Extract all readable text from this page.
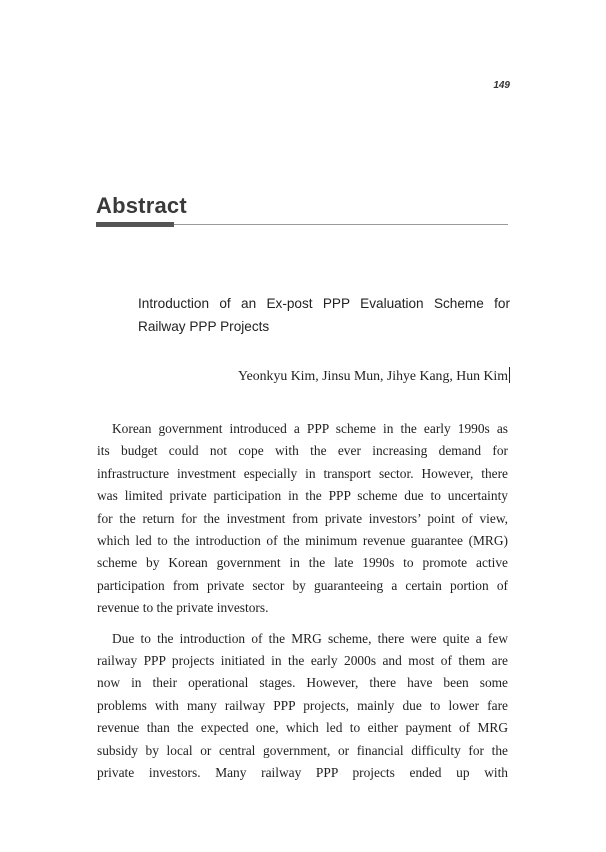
149
Abstract
Introduction of an Ex-post PPP Evaluation Scheme for
Railway PPP Projects
Yeonkyu Kim, Jinsu Mun, Jihye Kang, Hun Kim
Korean government introduced a PPP scheme in the early 1990s as
its budget could not cope with the ever increasing demand for
infrastructure investment especially in transport sector. However, there
was limited private participation in the PPP scheme due to uncertainty
for the return for the investment from private investors’ point of view,
which led to the introduction of the minimum revenue guarantee (MRG)
scheme by Korean government in the late 1990s to promote active
participation from private sector by guaranteeing a certain portion of
revenue to the private investors.
Due to the introduction of the MRG scheme, there were quite a few
railway PPP projects initiated in the early 2000s and most of them are
now in their operational stages. However, there have been some
problems with many railway PPP projects, mainly due to lower fare
revenue than the expected one, which led to either payment of MRG
subsidy by local or central government, or financial difficulty for the
private investors. Many railway PPP projects ended up with
